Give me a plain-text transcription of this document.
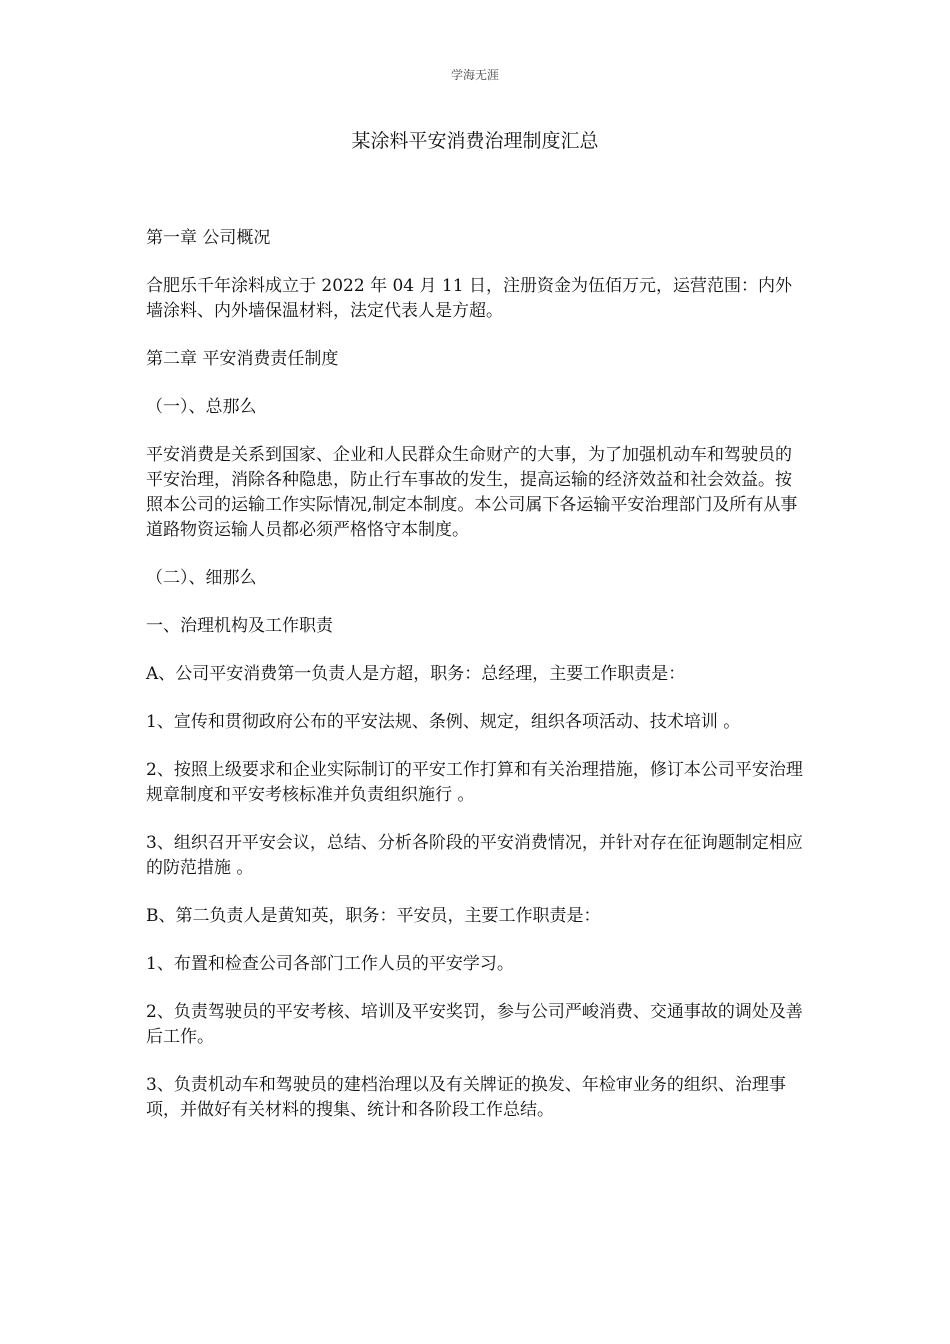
学海无涯
某涂料平安消费治理制度汇总

第一章 公司概况

合肥乐千年涂料成立于 2022 年 04 月 11 日，注册资金为伍佰万元，运营范围：内外墙涂料、内外墙保温材料，法定代表人是方超。

第二章 平安消费责任制度

（一）、总那么

平安消费是关系到国家、企业和人民群众生命财产的大事，为了加强机动车和驾驶员的平安治理，消除各种隐患，防止行车事故的发生，提高运输的经济效益和社会效益。按照本公司的运输工作实际情况,制定本制度。本公司属下各运输平安治理部门及所有从事道路物资运输人员都必须严格恪守本制度。

（二）、细那么

一、治理机构及工作职责

A、公司平安消费第一负责人是方超，职务：总经理，主要工作职责是：

1、宣传和贯彻政府公布的平安法规、条例、规定，组织各项活动、技术培训 。

2、按照上级要求和企业实际制订的平安工作打算和有关治理措施，修订本公司平安治理规章制度和平安考核标准并负责组织施行 。

3、组织召开平安会议，总结、分析各阶段的平安消费情况，并针对存在征询题制定相应的防范措施 。

B、第二负责人是黄知英，职务：平安员，主要工作职责是：

1、布置和检查公司各部门工作人员的平安学习。

2、负责驾驶员的平安考核、培训及平安奖罚，参与公司严峻消费、交通事故的调处及善后工作。

3、负责机动车和驾驶员的建档治理以及有关牌证的换发、年检审业务的组织、治理事项，并做好有关材料的搜集、统计和各阶段工作总结。
